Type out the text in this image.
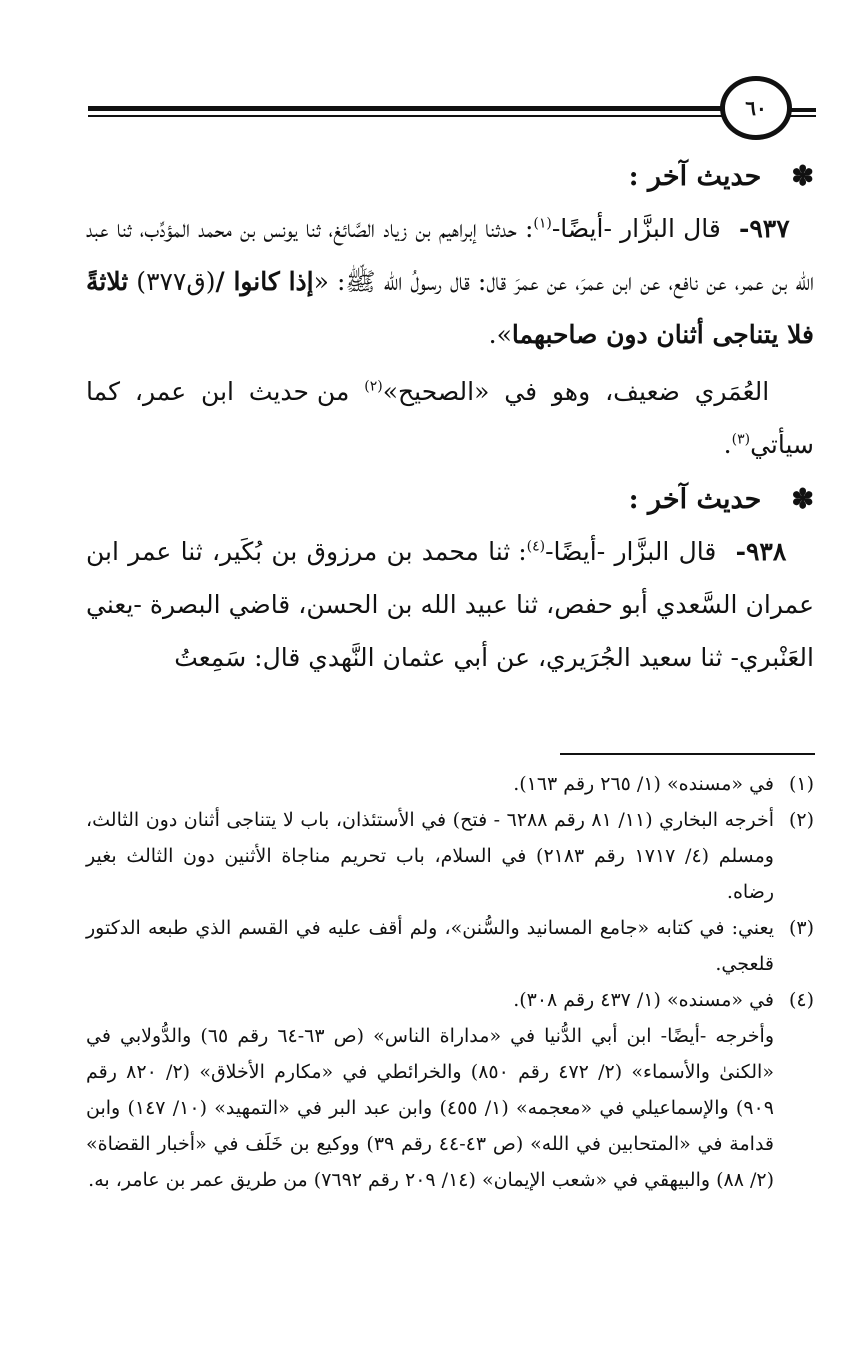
٦٠

✽حديث آخر :

٩٣٧- قال البزَّار -أيضًا-$^{(١)}$: حدثنا إبراهيم بن زياد الصَّائغ، ثنا يونس بن محمد المؤدِّب، ثنا عبد الله بن عمر، عن نافع، عن ابن عمرَ، عن عمرَ قال: قال رسولُ الله ﷺ: «إذا كانوا /(ق٣٧٧) ثلاثةً فلا يتناجى أثنان دون صاحبهما».

العُمَري ضعيف، وهو في «الصحيح»$^{(٢)}$ من حديث ابن عمر، كما سيأتي$^{(٣)}$.

✽حديث آخر :

٩٣٨- قال البزَّار -أيضًا-$^{(٤)}$: ثنا محمد بن مرزوق بن بُكَير، ثنا عمر ابن عمران السَّعدي أبو حفص، ثنا عبيد الله بن الحسن، قاضي البصرة -يعني العَنْبري- ثنا سعيد الجُرَيري، عن أبي عثمان النَّهدي قال: سَمِعتُ

(١)
في «مسنده» (١/ ٢٦٥ رقم ١٦٣).
(٢)
أخرجه البخاري (١١/ ٨١ رقم ٦٢٨٨ - فتح) في الأستئذان، باب لا يتناجى أثنان دون الثالث، ومسلم (٤/ ١٧١٧ رقم ٢١٨٣) في السلام، باب تحريم مناجاة الأثنين دون الثالث بغير رضاه.
(٣)
يعني: في كتابه «جامع المسانيد والسُّنن»، ولم أقف عليه في القسم الذي طبعه الدكتور قلعجي.
(٤)
في «مسنده» (١/ ٤٣٧ رقم ٣٠٨).
وأخرجه -أيضًا- ابن أبي الدُّنيا في «مداراة الناس» (ص ٦٣-٦٤ رقم ٦٥) والدُّولابي في «الكنىٰ والأسماء» (٢/ ٤٧٢ رقم ٨٥٠) والخرائطي في «مكارم الأخلاق» (٢/ ٨٢٠ رقم ٩٠٩) والإسماعيلي في «معجمه» (١/ ٤٥٥) وابن عبد البر في «التمهيد» (١٠/ ١٤٧) وابن قدامة في «المتحابين في الله» (ص ٤٣-٤٤ رقم ٣٩) ووكيع بن خَلَف في «أخبار القضاة» (٢/ ٨٨) والبيهقي في «شعب الإيمان» (١٤/ ٢٠٩ رقم ٧٦٩٢) من طريق عمر بن عامر، به.
